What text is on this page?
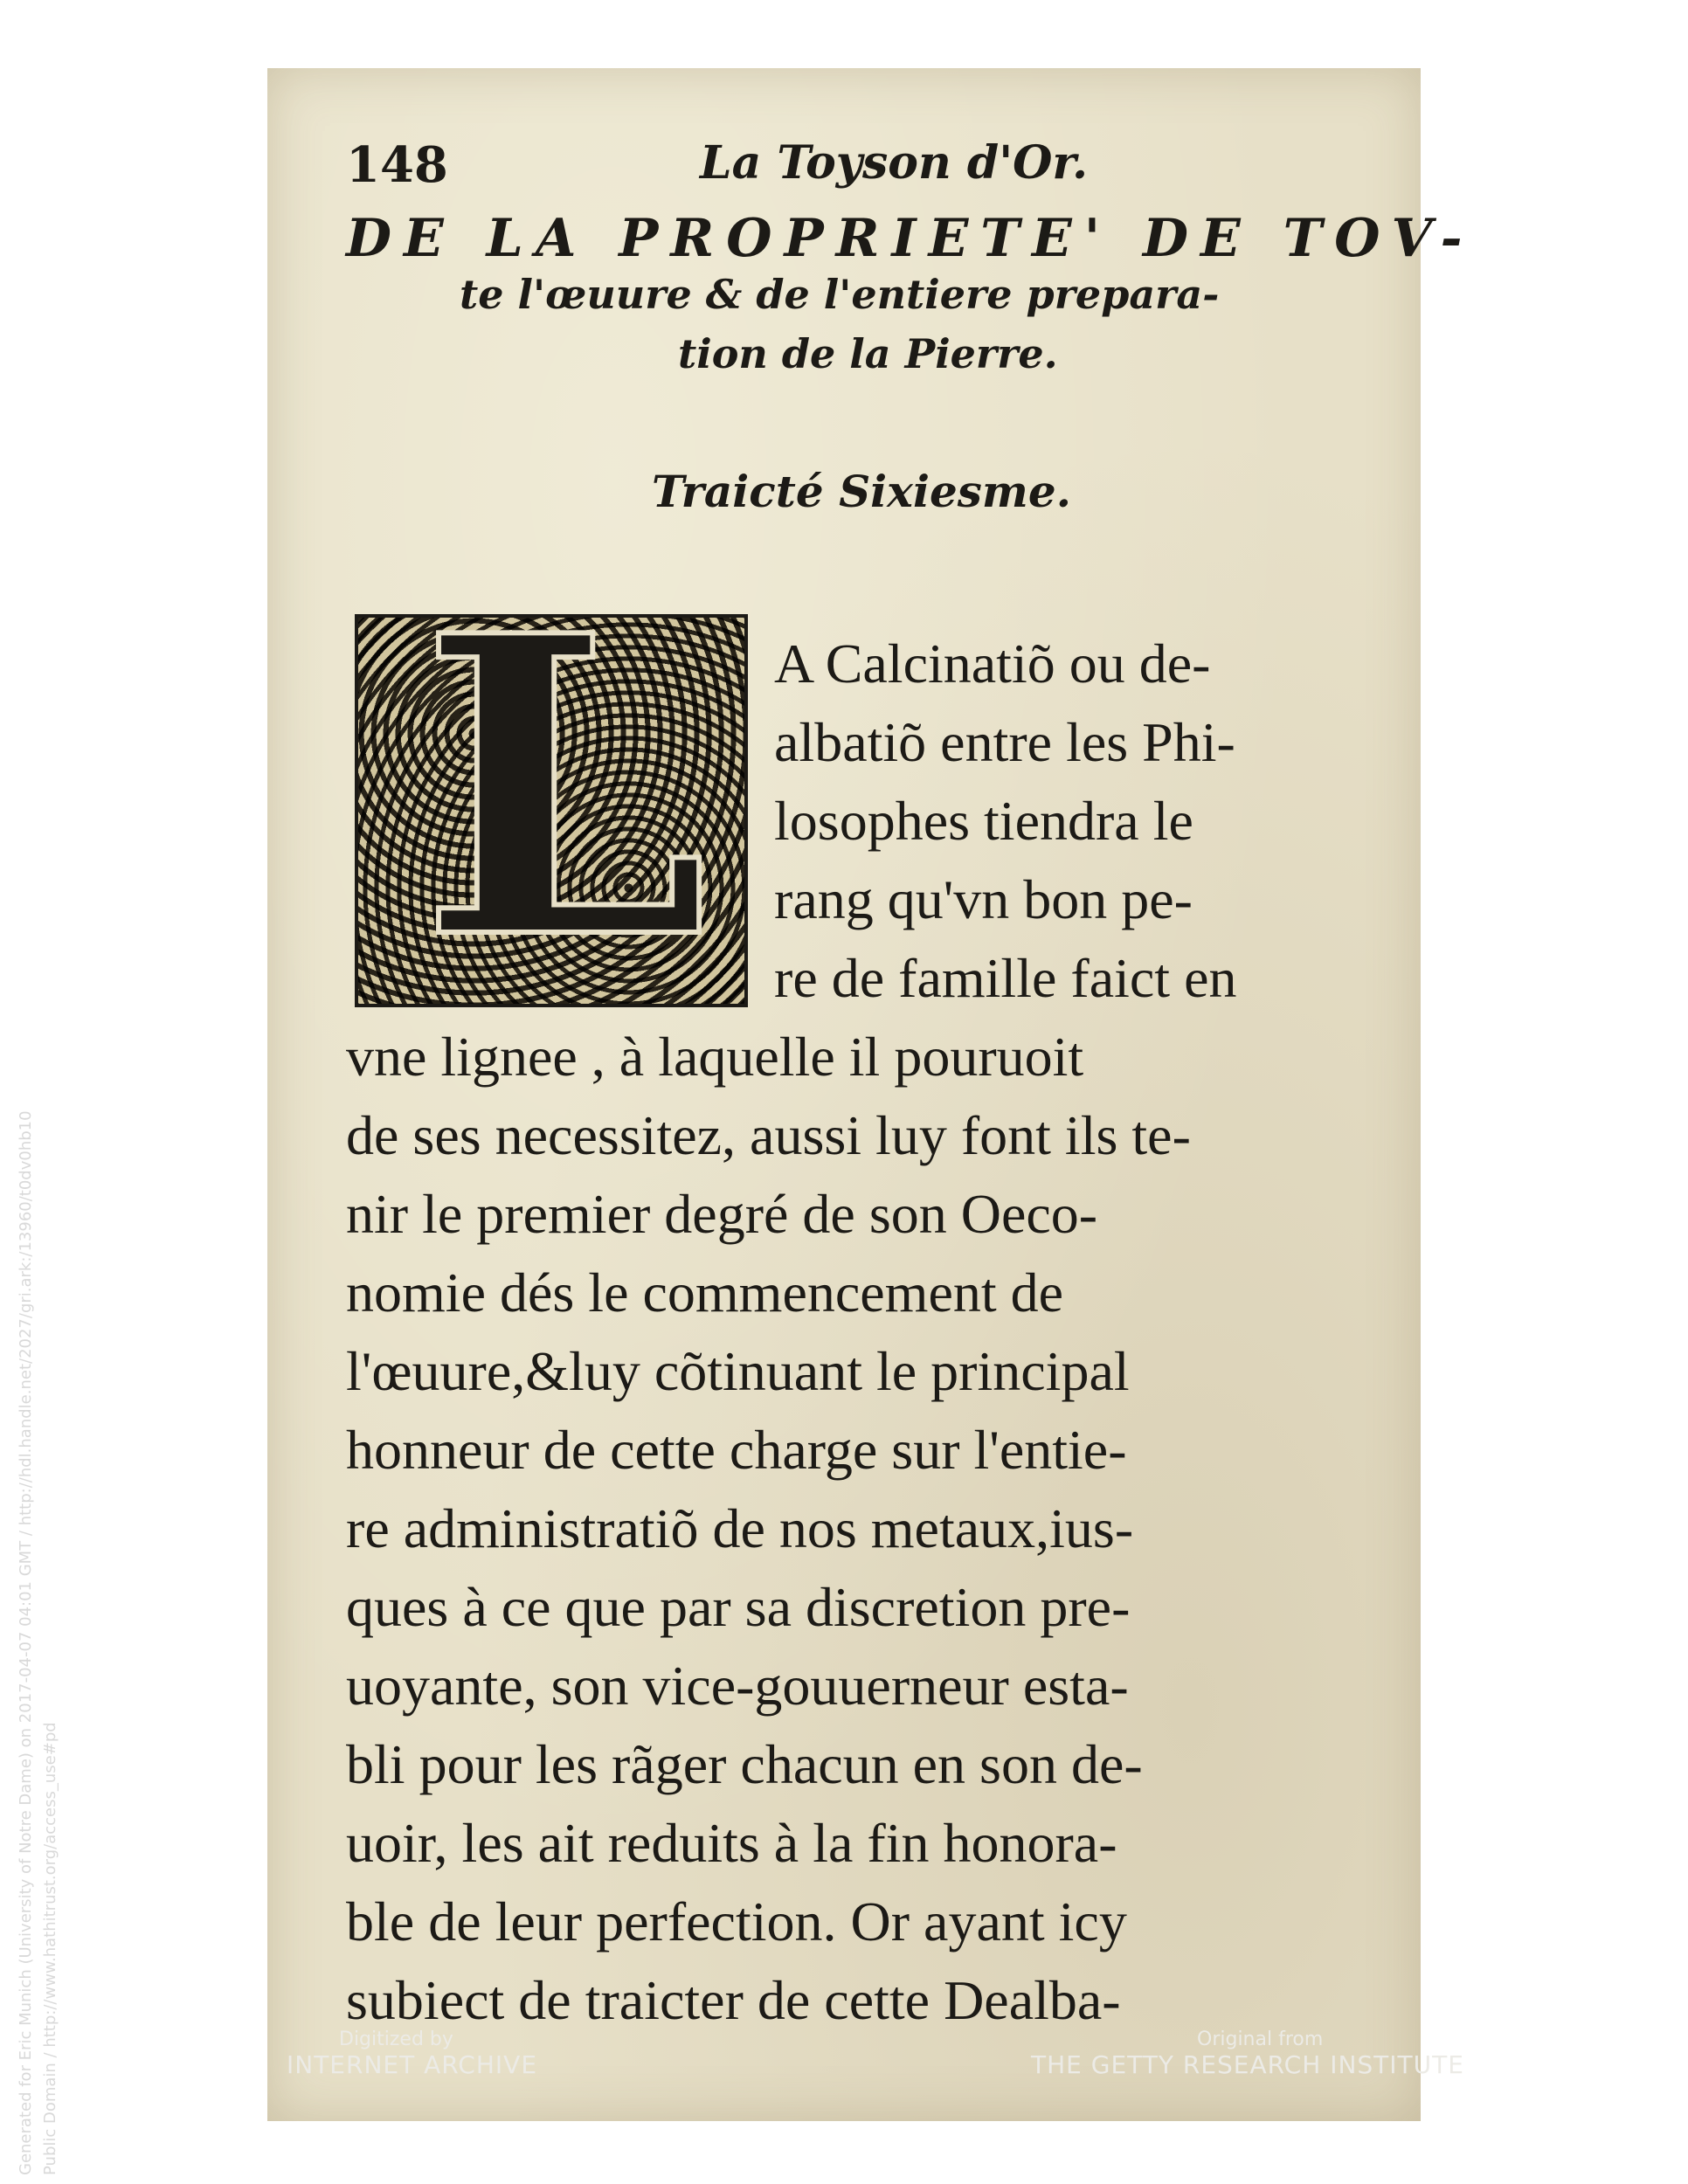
148	La Toyson d'Or.
DE LA PROPRIETE' DE TOV-
te l'œuure & de l'entiere prepara-
tion de la Pierre.
Traicté Sixiesme.
L A Calcinatiõ ou de-
albatiõ entre les Phi-
losophes tiendra le
rang qu'vn bon pe-
re de famille faict en
vne lignee , à laquelle il pouruoit
de ses necessitez, aussi luy font ils te-
nir le premier degré de son Oeco-
nomie dés le commencement de
l'œuure,&luy cõtinuant le principal
honneur de cette charge sur l'entie-
re administratiõ de nos metaux,ius-
ques à ce que par sa discretion pre-
uoyante, son vice-gouuerneur esta-
bli pour les rãger chacun en son de-
uoir, les ait reduits à la fin honora-
ble de leur perfection. Or ayant icy
subiect de traicter de cette Dealba-
Generated for Eric Munich (University of Notre Dame) on 2017-04-07 04:01 GMT / http://hdl.handle.net/2027/gri.ark:/13960/t0dv0hb10 Public Domain / http://www.hathitrust.org/access_use#pd	Digitized by
INTERNET ARCHIVE
Original from
THE GETTY RESEARCH INSTITUTE
